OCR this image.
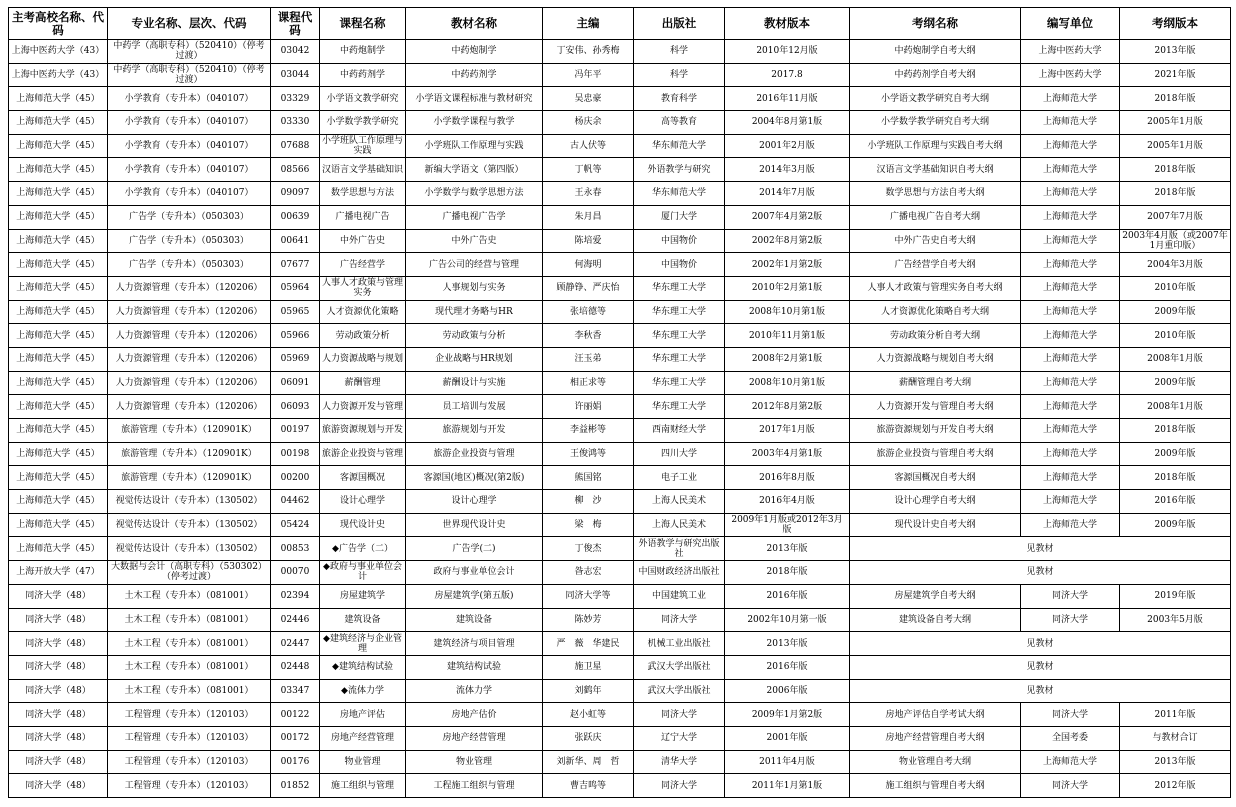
主考高校名称、代码	专业名称、层次、代码	课程代码	课程名称	教材名称	主编	出版社	教材版本	考纲名称	编写单位	考纲版本
上海中医药大学（43）	中药学（高职专科）（520410）（停考过渡）	03042	中药炮制学	中药炮制学	丁安伟、孙秀梅	科学	2010年12月版	中药炮制学自考大纲	上海中医药大学	2013年版
上海中医药大学（43）	中药学（高职专科）（520410）（停考过渡）	03044	中药药剂学	中药药剂学	冯年平	科学	2017.8	中药药剂学自考大纲	上海中医药大学	2021年版
上海师范大学（45）	小学教育（专升本）（040107）	03329	小学语文教学研究	小学语文课程标准与教材研究	吴忠豪	教育科学	2016年11月版	小学语文教学研究自考大纲	上海师范大学	2018年版
上海师范大学（45）	小学教育（专升本）（040107）	03330	小学数学教学研究	小学数学课程与教学	杨庆余	高等教育	2004年8月第1版	小学数学教学研究自考大纲	上海师范大学	2005年1月版
上海师范大学（45）	小学教育（专升本）（040107）	07688	小学班队工作原理与实践	小学班队工作原理与实践	古人伏等	华东师范大学	2001年2月版	小学班队工作原理与实践自考大纲	上海师范大学	2005年1月版
上海师范大学（45）	小学教育（专升本）（040107）	08566	汉语言文学基础知识	新编大学语文（第四版）	丁帆等	外语教学与研究	2014年3月版	汉语言文学基础知识自考大纲	上海师范大学	2018年版
上海师范大学（45）	小学教育（专升本）（040107）	09097	数学思想与方法	小学数学与数学思想方法	王永春	华东师范大学	2014年7月版	数学思想与方法自考大纲	上海师范大学	2018年版
上海师范大学（45）	广告学（专升本）（050303）	00639	广播电视广告	广播电视广告学	朱月昌	厦门大学	2007年4月第2版	广播电视广告自考大纲	上海师范大学	2007年7月版
上海师范大学（45）	广告学（专升本）（050303）	00641	中外广告史	中外广告史	陈培爱	中国物价	2002年8月第2版	中外广告史自考大纲	上海师范大学	2003年4月版（或2007年1月重印版）
上海师范大学（45）	广告学（专升本）（050303）	07677	广告经营学	广告公司的经营与管理	何海明	中国物价	2002年1月第2版	广告经营学自考大纲	上海师范大学	2004年3月版
上海师范大学（45）	人力资源管理（专升本）（120206）	05964	人事人才政策与管理实务	人事规划与实务	顾静铮、严庆怡	华东理工大学	2010年2月第1版	人事人才政策与管理实务自考大纲	上海师范大学	2010年版
上海师范大学（45）	人力资源管理（专升本）（120206）	05965	人才资源优化策略	现代理才务略与HR	张培德等	华东理工大学	2008年10月第1版	人才资源优化策略自考大纲	上海师范大学	2009年版
上海师范大学（45）	人力资源管理（专升本）（120206）	05966	劳动政策分析	劳动政策与分析	李秋香	华东理工大学	2010年11月第1版	劳动政策分析自考大纲	上海师范大学	2010年版
上海师范大学（45）	人力资源管理（专升本）（120206）	05969	人力资源战略与规划	企业战略与HR规划	汪玉弟	华东理工大学	2008年2月第1版	人力资源战略与规划自考大纲	上海师范大学	2008年1月版
上海师范大学（45）	人力资源管理（专升本）（120206）	06091	薪酬管理	薪酬设计与实施	相正求等	华东理工大学	2008年10月第1版	薪酬管理自考大纲	上海师范大学	2009年版
上海师范大学（45）	人力资源管理（专升本）（120206）	06093	人力资源开发与管理	员工培训与发展	许丽娟	华东理工大学	2012年8月第2版	人力资源开发与管理自考大纲	上海师范大学	2008年1月版
上海师范大学（45）	旅游管理（专升本）（120901K）	00197	旅游资源规划与开发	旅游规划与开发	李益彬等	西南财经大学	2017年1月版	旅游资源规划与开发自考大纲	上海师范大学	2018年版
上海师范大学（45）	旅游管理（专升本）（120901K）	00198	旅游企业投资与管理	旅游企业投资与管理	王俊鸿等	四川大学	2003年4月第1版	旅游企业投资与管理自考大纲	上海师范大学	2009年版
上海师范大学（45）	旅游管理（专升本）（120901K）	00200	客源国概况	客源国(地区)概况(第2版)	熊国铭	电子工业	2016年8月版	客源国概况自考大纲	上海师范大学	2018年版
上海师范大学（45）	视觉传达设计（专升本）（130502）	04462	设计心理学	设计心理学	柳　沙	上海人民美术	2016年4月版	设计心理学自考大纲	上海师范大学	2016年版
上海师范大学（45）	视觉传达设计（专升本）（130502）	05424	现代设计史	世界现代设计史	梁　梅	上海人民美术	2009年1月版或2012年3月版	现代设计史自考大纲	上海师范大学	2009年版
上海师范大学（45）	视觉传达设计（专升本）（130502）	00853	◆广告学（二）	广告学(二)	丁俊杰	外语教学与研究出版社	2013年版	见教材		
上海开放大学（47）	大数据与会计（高职专科）（530302）（停考过渡）	00070	◆政府与事业单位会计	政府与事业单位会计	昝志宏	中国财政经济出版社	2018年版	见教材		
同济大学（48）	土木工程（专升本）（081001）	02394	房屋建筑学	房屋建筑学(第五版)	同济大学等	中国建筑工业	2016年版	房屋建筑学自考大纲	同济大学	2019年版
同济大学（48）	土木工程（专升本）（081001）	02446	建筑设备	建筑设备	陈妙芳	同济大学	2002年10月第一版	建筑设备自考大纲	同济大学	2003年5月版
同济大学（48）	土木工程（专升本）（081001）	02447	◆建筑经济与企业管理	建筑经济与项目管理	严　薇　华建民	机械工业出版社	2013年版	见教材		
同济大学（48）	土木工程（专升本）（081001）	02448	◆建筑结构试验	建筑结构试验	施卫星	武汉大学出版社	2016年版	见教材		
同济大学（48）	土木工程（专升本）（081001）	03347	◆流体力学	流体力学	刘鹤年	武汉大学出版社	2006年版	见教材		
同济大学（48）	工程管理（专升本）（120103）	00122	房地产评估	房地产估价	赵小虹等	同济大学	2009年1月第2版	房地产评估自学考试大纲	同济大学	2011年版
同济大学（48）	工程管理（专升本）（120103）	00172	房地产经营管理	房地产经营管理	张跃庆	辽宁大学	2001年版	房地产经营管理自考大纲	全国考委	与教材合订
同济大学（48）	工程管理（专升本）（120103）	00176	物业管理	物业管理	刘新华、周　哲	清华大学	2011年4月版	物业管理自考大纲	上海师范大学	2013年版
同济大学（48）	工程管理（专升本）（120103）	01852	施工组织与管理	工程施工组织与管理	曹吉鸣等	同济大学	2011年1月第1版	施工组织与管理自考大纲	同济大学	2012年版
